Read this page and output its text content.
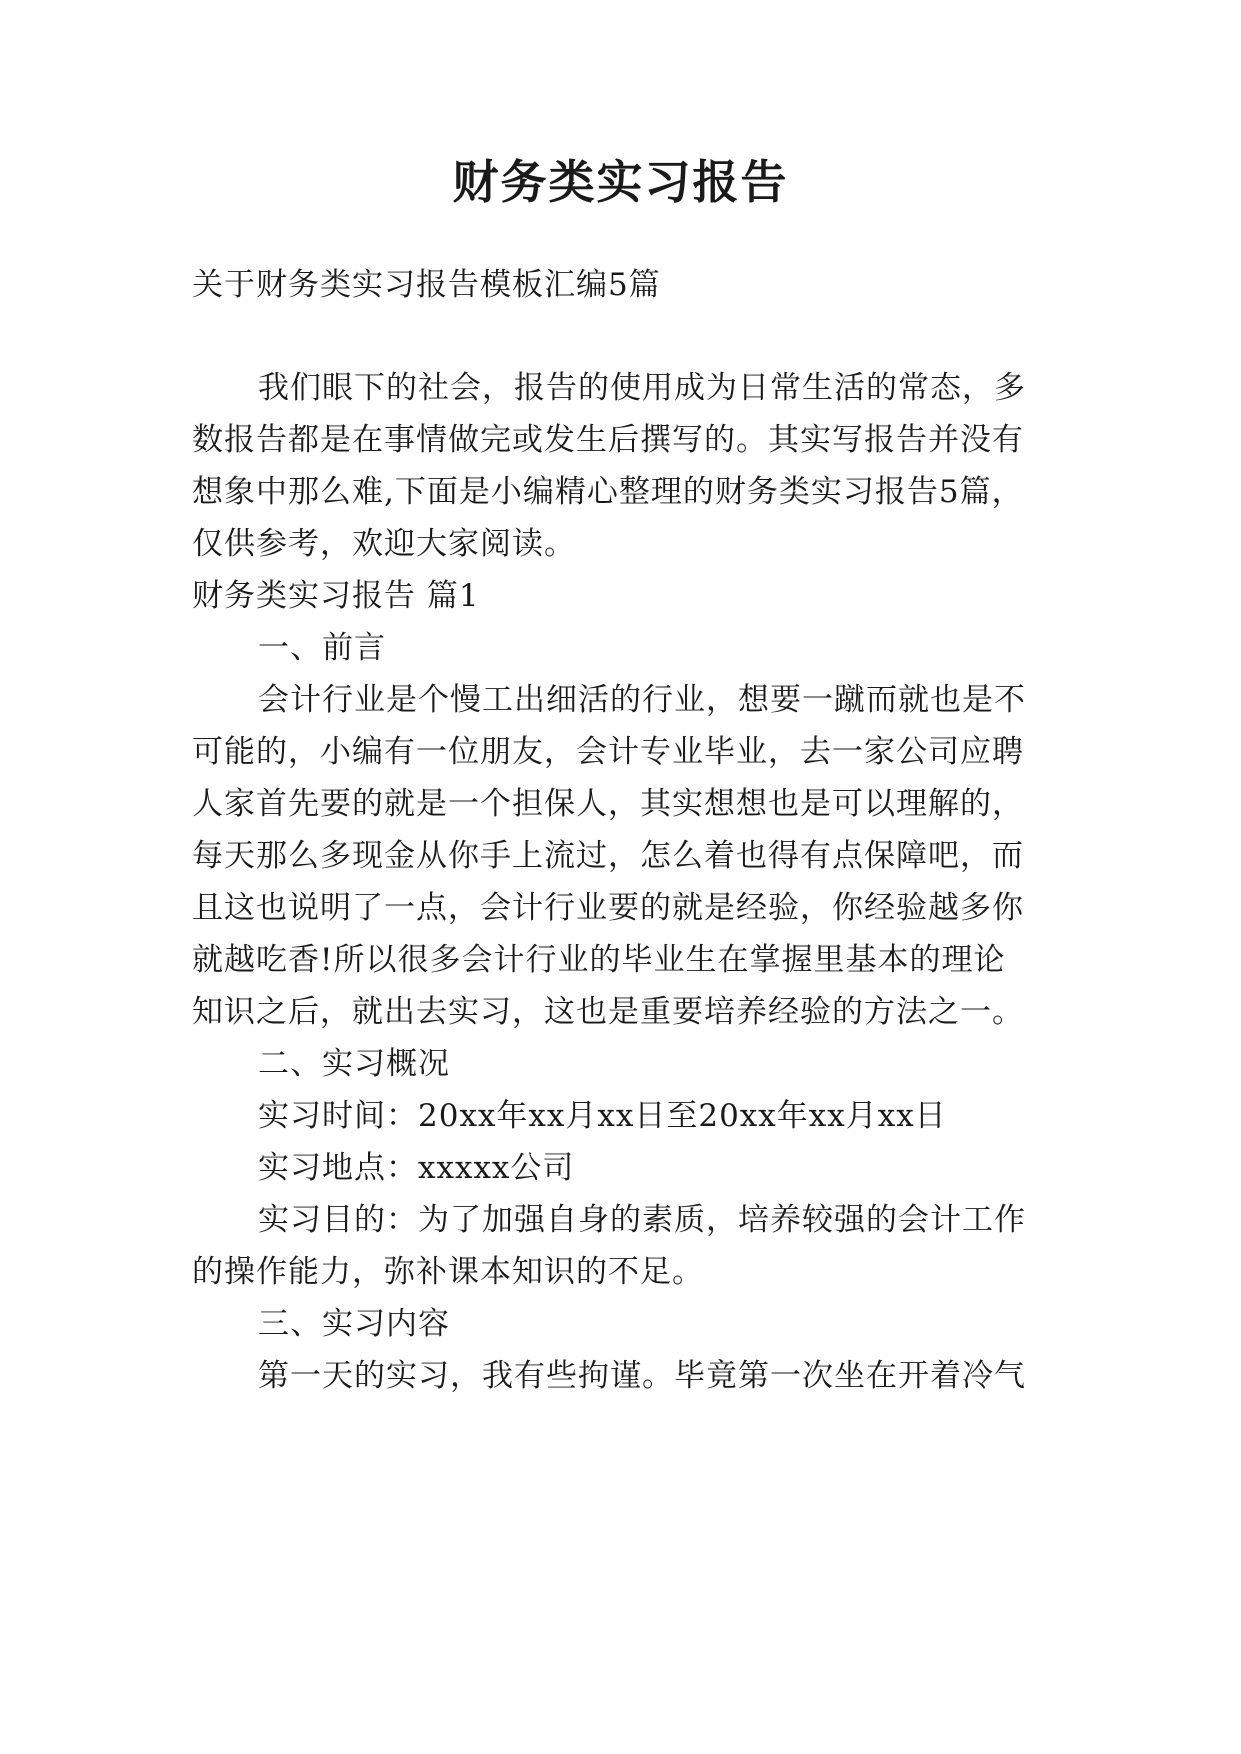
财务类实习报告
关于财务类实习报告模板汇编5篇
我们眼下的社会，报告的使用成为日常生活的常态，多
数报告都是在事情做完或发生后撰写的。其实写报告并没有
想象中那么难,下面是小编精心整理的财务类实习报告5篇，
仅供参考，欢迎大家阅读。
财务类实习报告 篇1
一、前言
会计行业是个慢工出细活的行业，想要一蹴而就也是不
可能的，小编有一位朋友，会计专业毕业，去一家公司应聘
人家首先要的就是一个担保人，其实想想也是可以理解的，
每天那么多现金从你手上流过，怎么着也得有点保障吧，而
且这也说明了一点，会计行业要的就是经验，你经验越多你
就越吃香!所以很多会计行业的毕业生在掌握里基本的理论
知识之后，就出去实习，这也是重要培养经验的方法之一。
二、实习概况
实习时间：20xx年xx月xx日至20xx年xx月xx日
实习地点：xxxxx公司
实习目的：为了加强自身的素质，培养较强的会计工作
的操作能力，弥补课本知识的不足。
三、实习内容
第一天的实习，我有些拘谨。毕竟第一次坐在开着冷气
